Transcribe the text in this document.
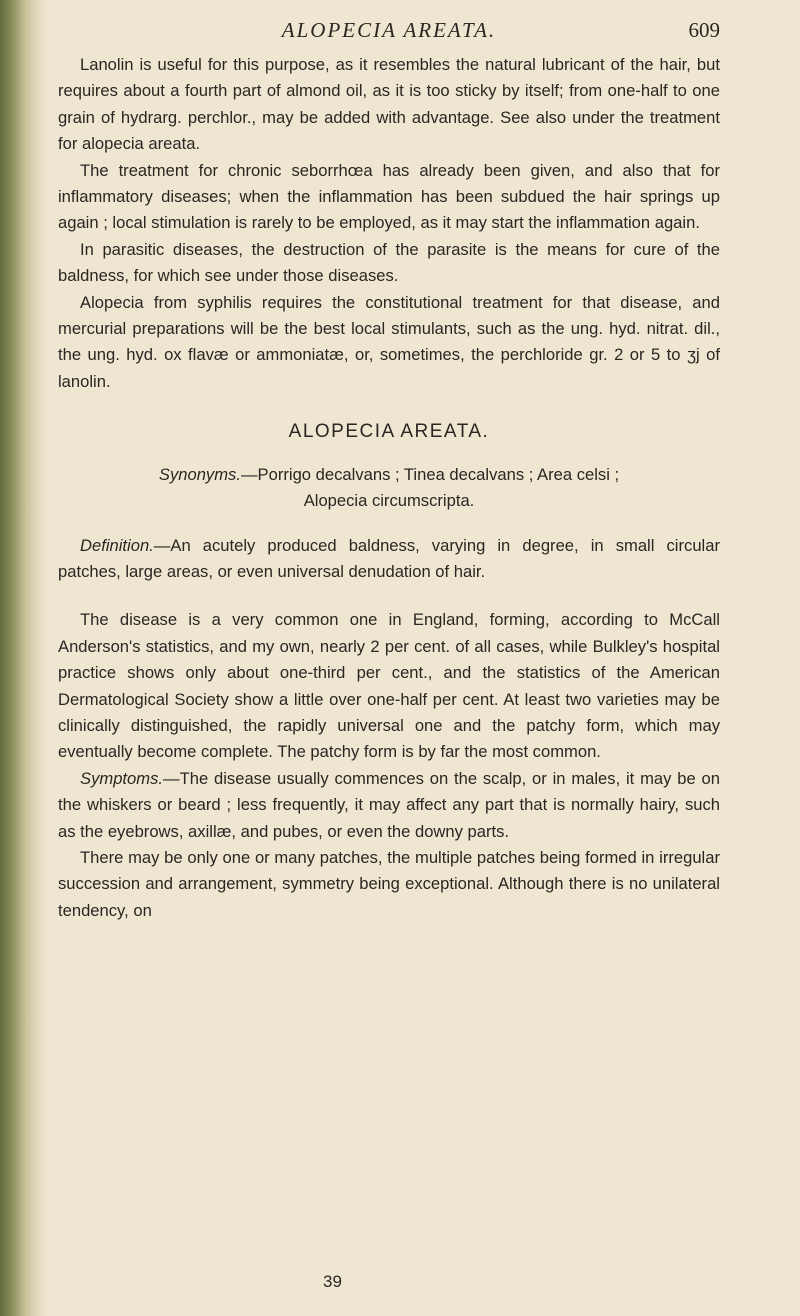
ALOPECIA AREATA.	609

Lanolin is useful for this purpose, as it resembles the natural lubricant of the hair, but requires about a fourth part of almond oil, as it is too sticky by itself; from one-half to one grain of hydrarg. perchlor., may be added with advantage. See also under the treatment for alopecia areata.

The treatment for chronic seborrhœa has already been given, and also that for inflammatory diseases; when the inflammation has been subdued the hair springs up again ; local stimulation is rarely to be employed, as it may start the inflammation again.

In parasitic diseases, the destruction of the parasite is the means for cure of the baldness, for which see under those diseases.

Alopecia from syphilis requires the constitutional treatment for that disease, and mercurial preparations will be the best local stimulants, such as the ung. hyd. nitrat. dil., the ung. hyd. ox flavæ or ammoniatæ, or, sometimes, the perchloride gr. 2 or 5 to ʒj of lanolin.

ALOPECIA AREATA.
Synonyms.—Porrigo decalvans ; Tinea decalvans ; Area celsi ;
Alopecia circumscripta.

Definition.—An acutely produced baldness, varying in degree, in small circular patches, large areas, or even universal denudation of hair.

The disease is a very common one in England, forming, according to McCall Anderson's statistics, and my own, nearly 2 per cent. of all cases, while Bulkley's hospital practice shows only about one-third per cent., and the statistics of the American Dermatological Society show a little over one-half per cent. At least two varieties may be clinically distinguished, the rapidly universal one and the patchy form, which may eventually become complete. The patchy form is by far the most common.

Symptoms.—The disease usually commences on the scalp, or in males, it may be on the whiskers or beard ; less frequently, it may affect any part that is normally hairy, such as the eyebrows, axillæ, and pubes, or even the downy parts.

There may be only one or many patches, the multiple patches being formed in irregular succession and arrangement, symmetry being exceptional. Although there is no unilateral tendency, on

39
